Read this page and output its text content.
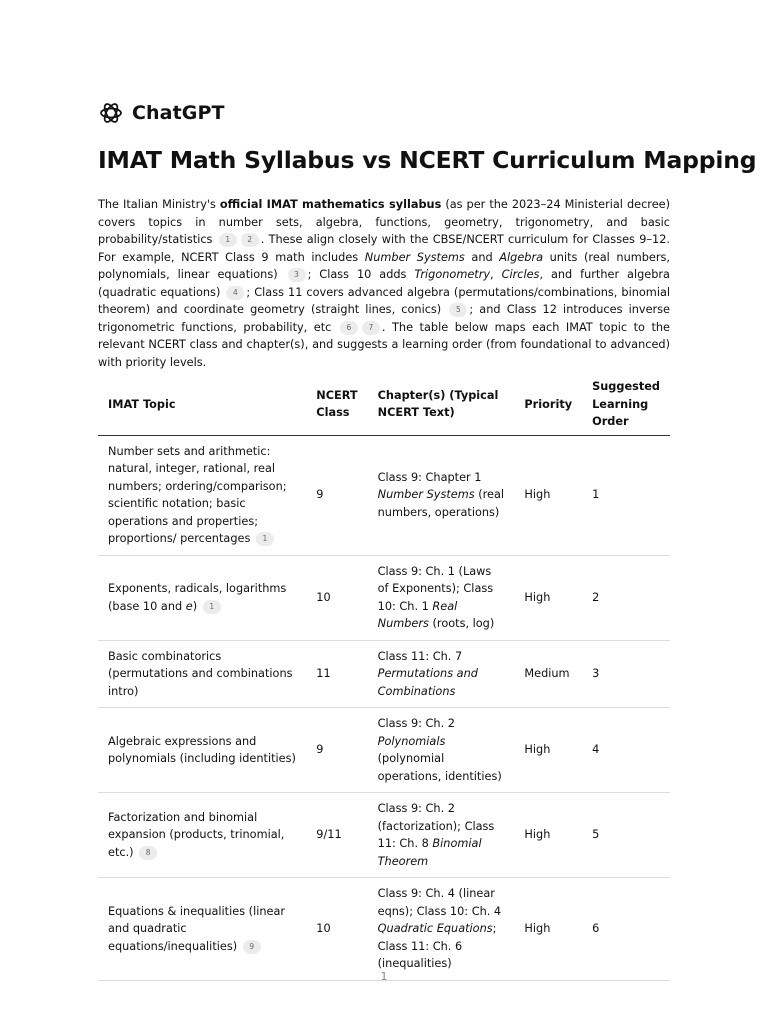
ChatGPT
IMAT Math Syllabus vs NCERT Curriculum Mapping

The Italian Ministry's official IMAT mathematics syllabus (as per the 2023–24 Ministerial decree) covers topics in number sets, algebra, functions, geometry, trigonometry, and basic probability/statistics 1 2 . These align closely with the CBSE/NCERT curriculum for Classes 9–12. For example, NCERT Class 9 math includes Number Systems and Algebra units (real numbers, polynomials, linear equations) 3 ; Class 10 adds Trigonometry, Circles, and further algebra (quadratic equations) 4 ; Class 11 covers advanced algebra (permutations/combinations, binomial theorem) and coordinate geometry (straight lines, conics) 5 ; and Class 12 introduces inverse trigonometric functions, probability, etc 6 7 . The table below maps each IMAT topic to the relevant NCERT class and chapter(s), and suggests a learning order (from foundational to advanced) with priority levels.

IMAT Topic	NCERT Class	Chapter(s) (Typical NCERT Text)	Priority	Suggested Learning Order
Number sets and arithmetic: natural, integer, rational, real numbers; ordering/comparison; scientific notation; basic operations and properties; proportions/ percentages 1	9	Class 9: Chapter 1 Number Systems (real numbers, operations)	High	1
Exponents, radicals, logarithms (base 10 and e) 1	10	Class 9: Ch. 1 (Laws of Exponents); Class 10: Ch. 1 Real Numbers (roots, log)	High	2
Basic combinatorics (permutations and combinations intro)	11	Class 11: Ch. 7 Permutations and Combinations	Medium	3
Algebraic expressions and polynomials (including identities)	9	Class 9: Ch. 2 Polynomials (polynomial operations, identities)	High	4
Factorization and binomial expansion (products, trinomial, etc.) 8	9/11	Class 9: Ch. 2 (factorization); Class 11: Ch. 8 Binomial Theorem	High	5
Equations & inequalities (linear and quadratic equations/inequalities) 9	10	Class 9: Ch. 4 (linear eqns); Class 10: Ch. 4 Quadratic Equations; Class 11: Ch. 6 (inequalities)	High	6
1
